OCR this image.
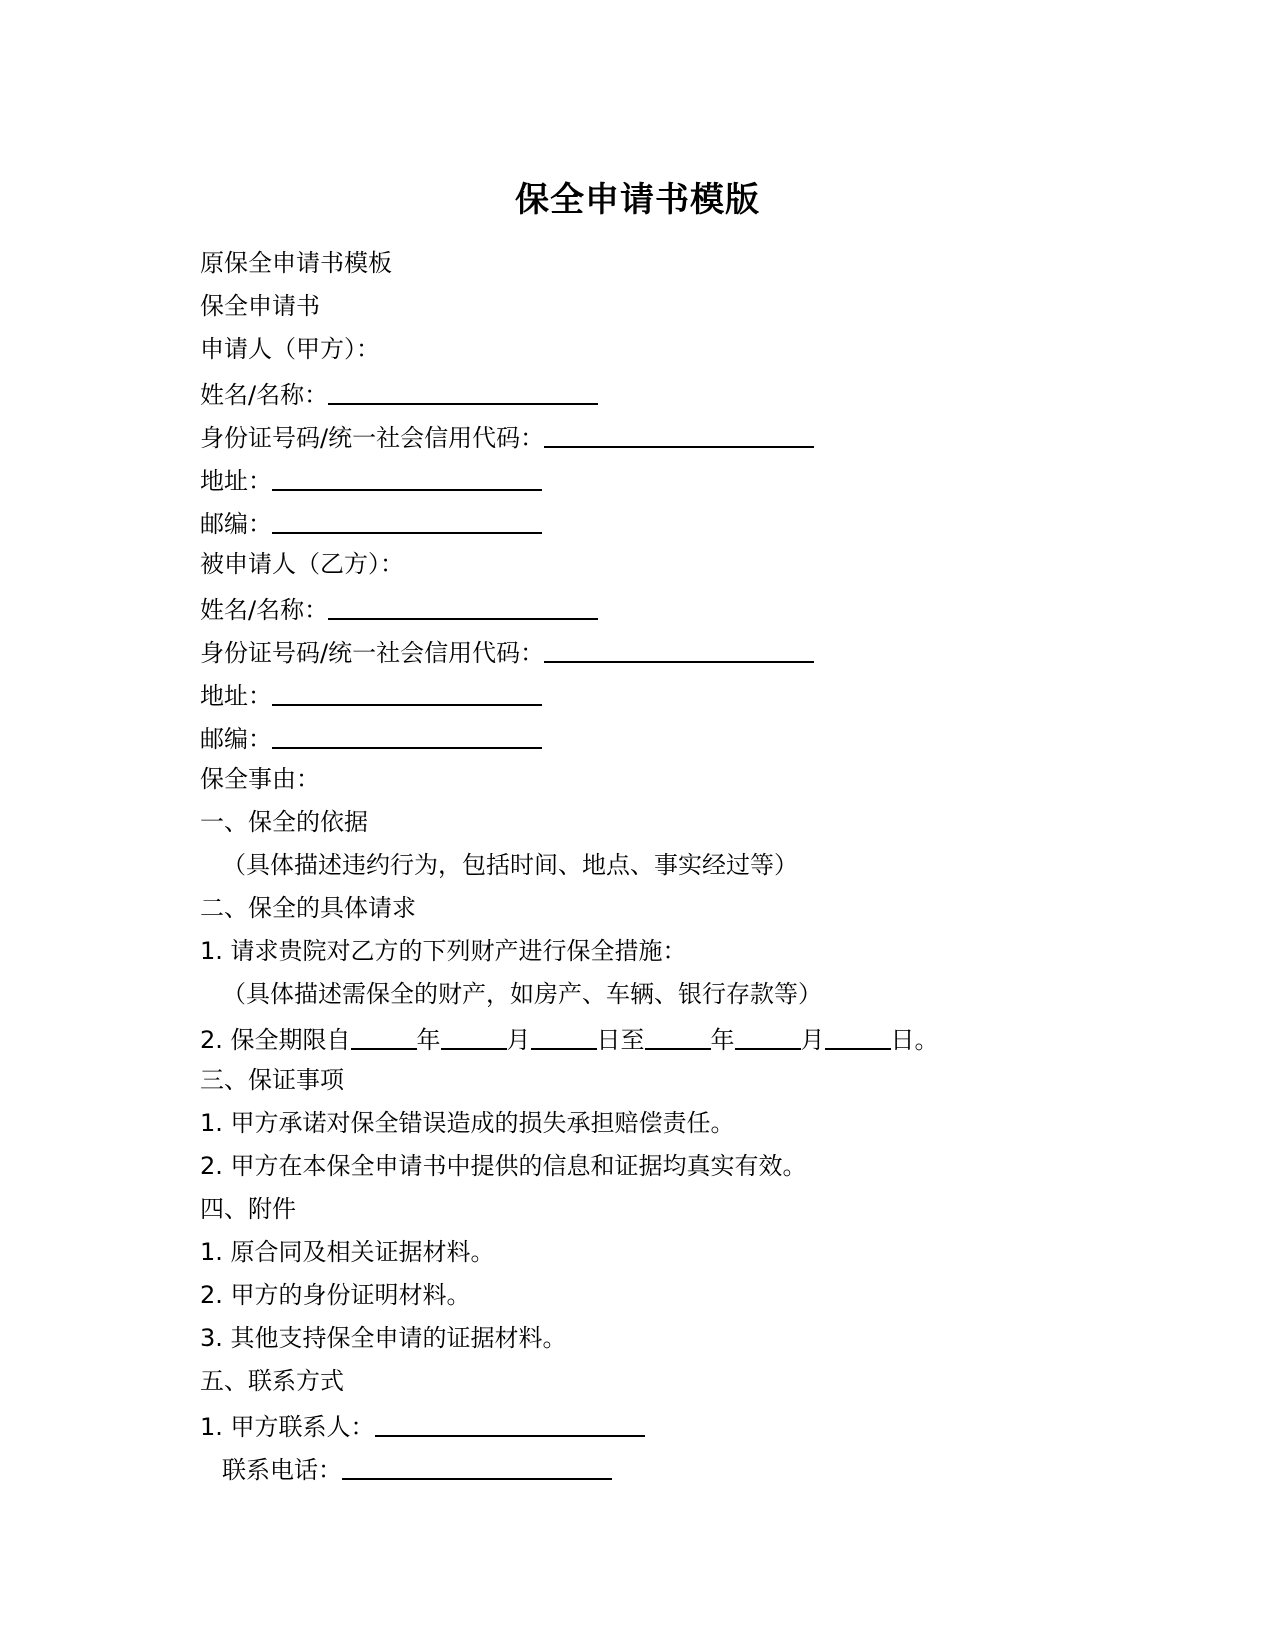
保全申请书模版
原保全申请书模板
保全申请书
申请人（甲方）：
姓名/名称：
身份证号码/统一社会信用代码：
地址：
邮编：
被申请人（乙方）：
姓名/名称：
身份证号码/统一社会信用代码：
地址：
邮编：
保全事由：
一、保全的依据
（具体描述违约行为，包括时间、地点、事实经过等）
二、保全的具体请求
1. 请求贵院对乙方的下列财产进行保全措施：
（具体描述需保全的财产，如房产、车辆、银行存款等）
2. 保全期限自	年	月	日至	年	月	日。
三、保证事项
1. 甲方承诺对保全错误造成的损失承担赔偿责任。
2. 甲方在本保全申请书中提供的信息和证据均真实有效。
四、附件
1. 原合同及相关证据材料。
2. 甲方的身份证明材料。
3. 其他支持保全申请的证据材料。
五、联系方式
1. 甲方联系人：
联系电话：
